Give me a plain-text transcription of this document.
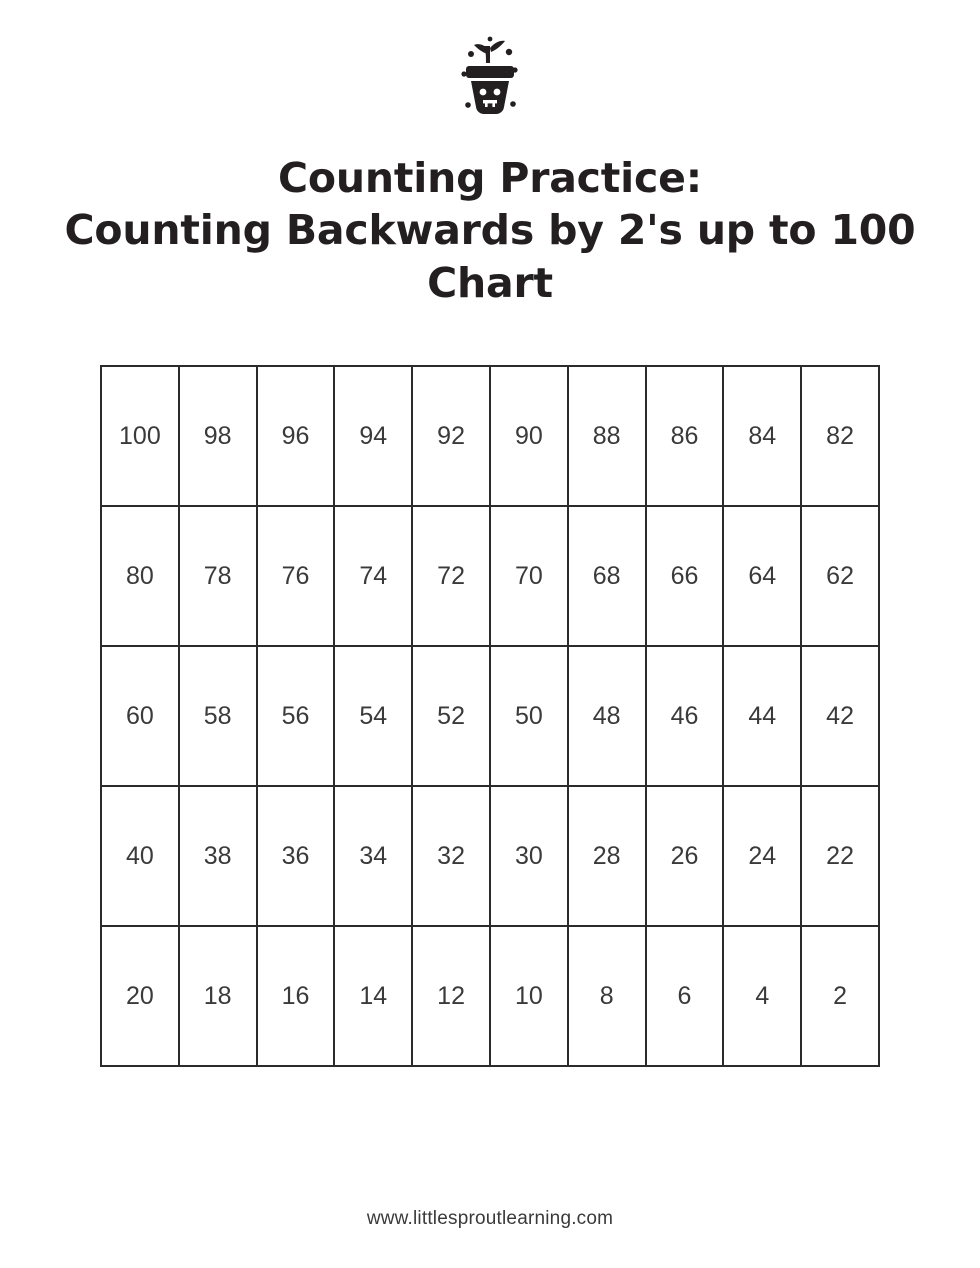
Counting Practice:
Counting Backwards by 2's up to 100
Chart
100	98	96	94	92	90	88	86	84	82
80	78	76	74	72	70	68	66	64	62
60	58	56	54	52	50	48	46	44	42
40	38	36	34	32	30	28	26	24	22
20	18	16	14	12	10	8	6	4	2
www.littlesproutlearning.com
